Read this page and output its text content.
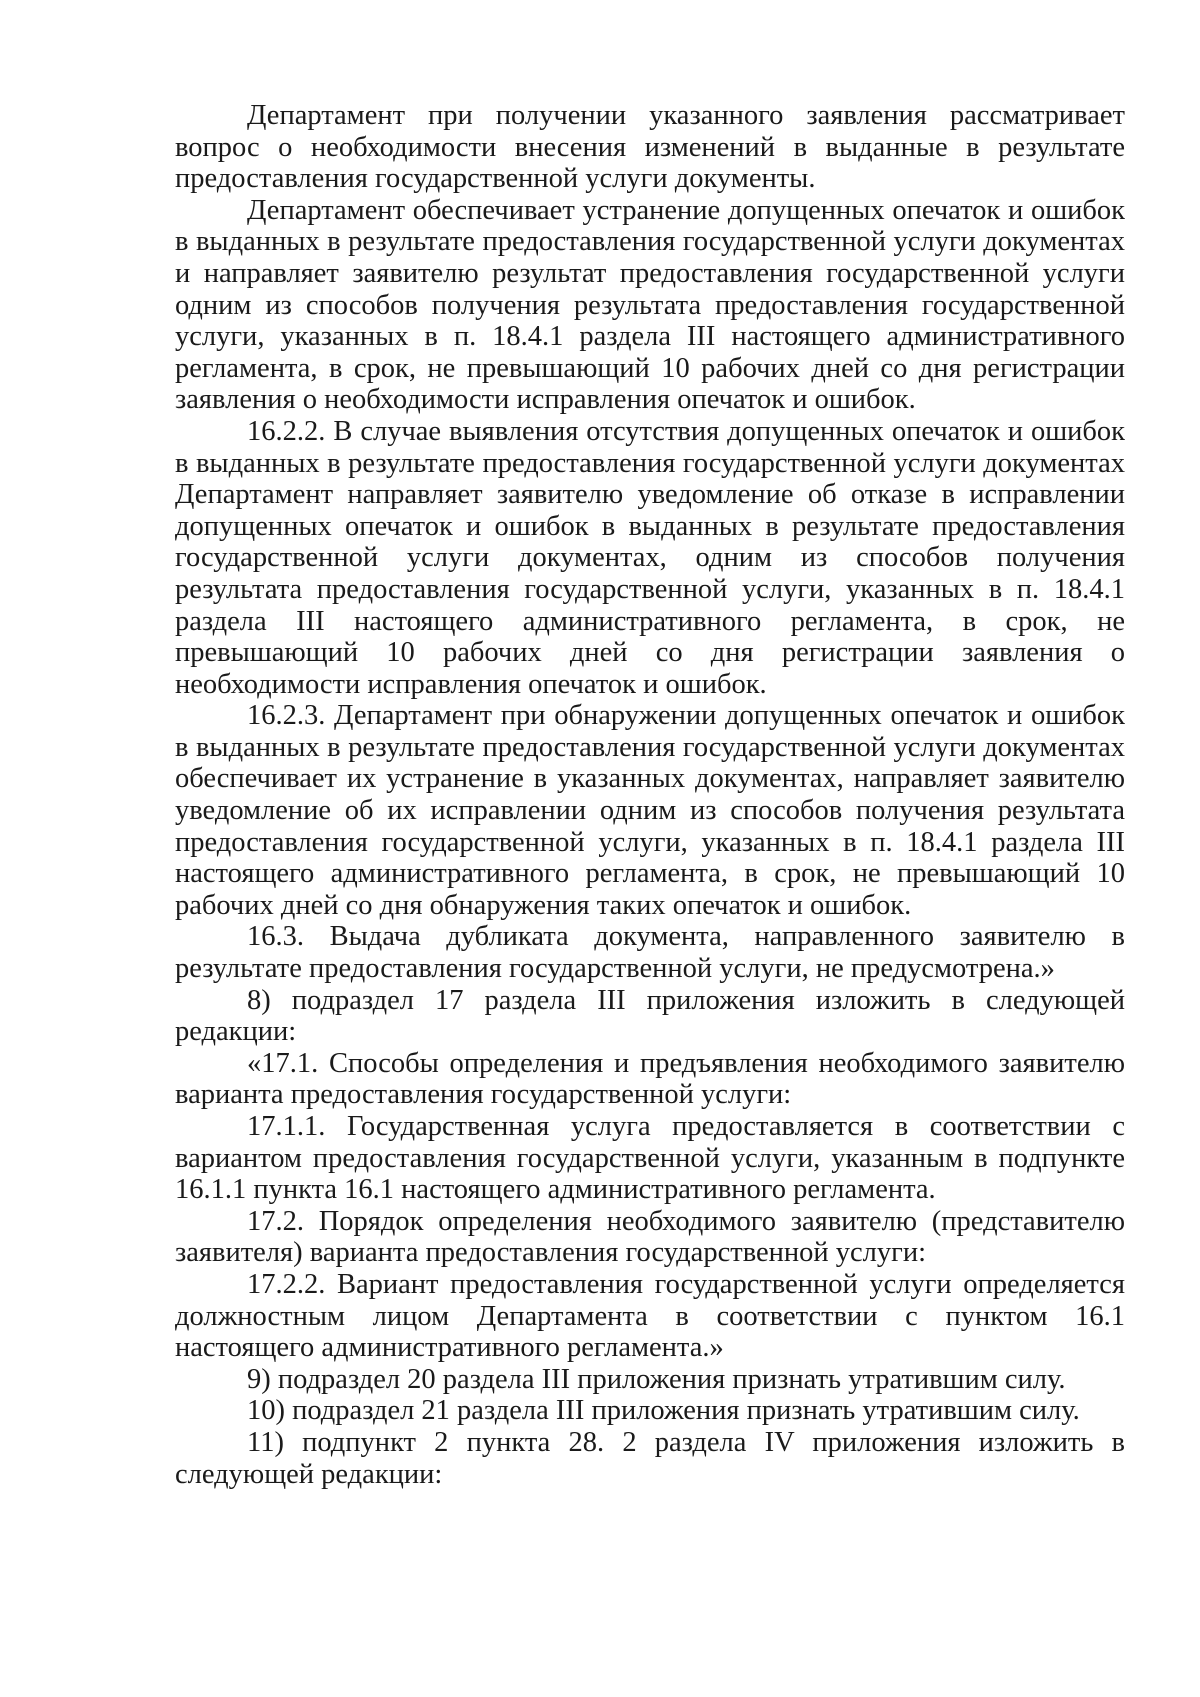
Департамент при получении указанного заявления рассматривает вопрос о необходимости внесения изменений в выданные в результате предоставления государственной услуги документы.

Департамент обеспечивает устранение допущенных опечаток и ошибок в выданных в результате предоставления государственной услуги документах и направляет заявителю результат предоставления государственной услуги одним из способов получения результата предоставления государственной услуги, указанных в п. 18.4.1 раздела III настоящего административного регламента, в срок, не превышающий 10 рабочих дней со дня регистрации заявления о необходимости исправления опечаток и ошибок.

16.2.2. В случае выявления отсутствия допущенных опечаток и ошибок в выданных в результате предоставления государственной услуги документах Департамент направляет заявителю уведомление об отказе в исправлении допущенных опечаток и ошибок в выданных в результате предоставления государственной услуги документах, одним из способов получения результата предоставления государственной услуги, указанных в п. 18.4.1 раздела III настоящего административного регламента, в срок, не превышающий 10 рабочих дней со дня регистрации заявления о необходимости исправления опечаток и ошибок.

16.2.3. Департамент при обнаружении допущенных опечаток и ошибок в выданных в результате предоставления государственной услуги документах обеспечивает их устранение в указанных документах, направляет заявителю уведомление об их исправлении одним из способов получения результата предоставления государственной услуги, указанных в п. 18.4.1 раздела III настоящего административного регламента, в срок, не превышающий 10 рабочих дней со дня обнаружения таких опечаток и ошибок.

16.3. Выдача дубликата документа, направленного заявителю в результате предоставления государственной услуги, не предусмотрена.»

8) подраздел 17 раздела III приложения изложить в следующей редакции:

«17.1. Способы определения и предъявления необходимого заявителю варианта предоставления государственной услуги:

17.1.1. Государственная услуга предоставляется в соответствии с вариантом предоставления государственной услуги, указанным в подпункте 16.1.1 пункта 16.1 настоящего административного регламента.

17.2. Порядок определения необходимого заявителю (представителю заявителя) варианта предоставления государственной услуги:

17.2.2. Вариант предоставления государственной услуги определяется должностным лицом Департамента в соответствии с пунктом 16.1 настоящего административного регламента.»

9) подраздел 20 раздела III приложения признать утратившим силу.

10) подраздел 21 раздела III приложения признать утратившим силу.

11) подпункт 2 пункта 28. 2 раздела IV приложения изложить в следующей редакции:
